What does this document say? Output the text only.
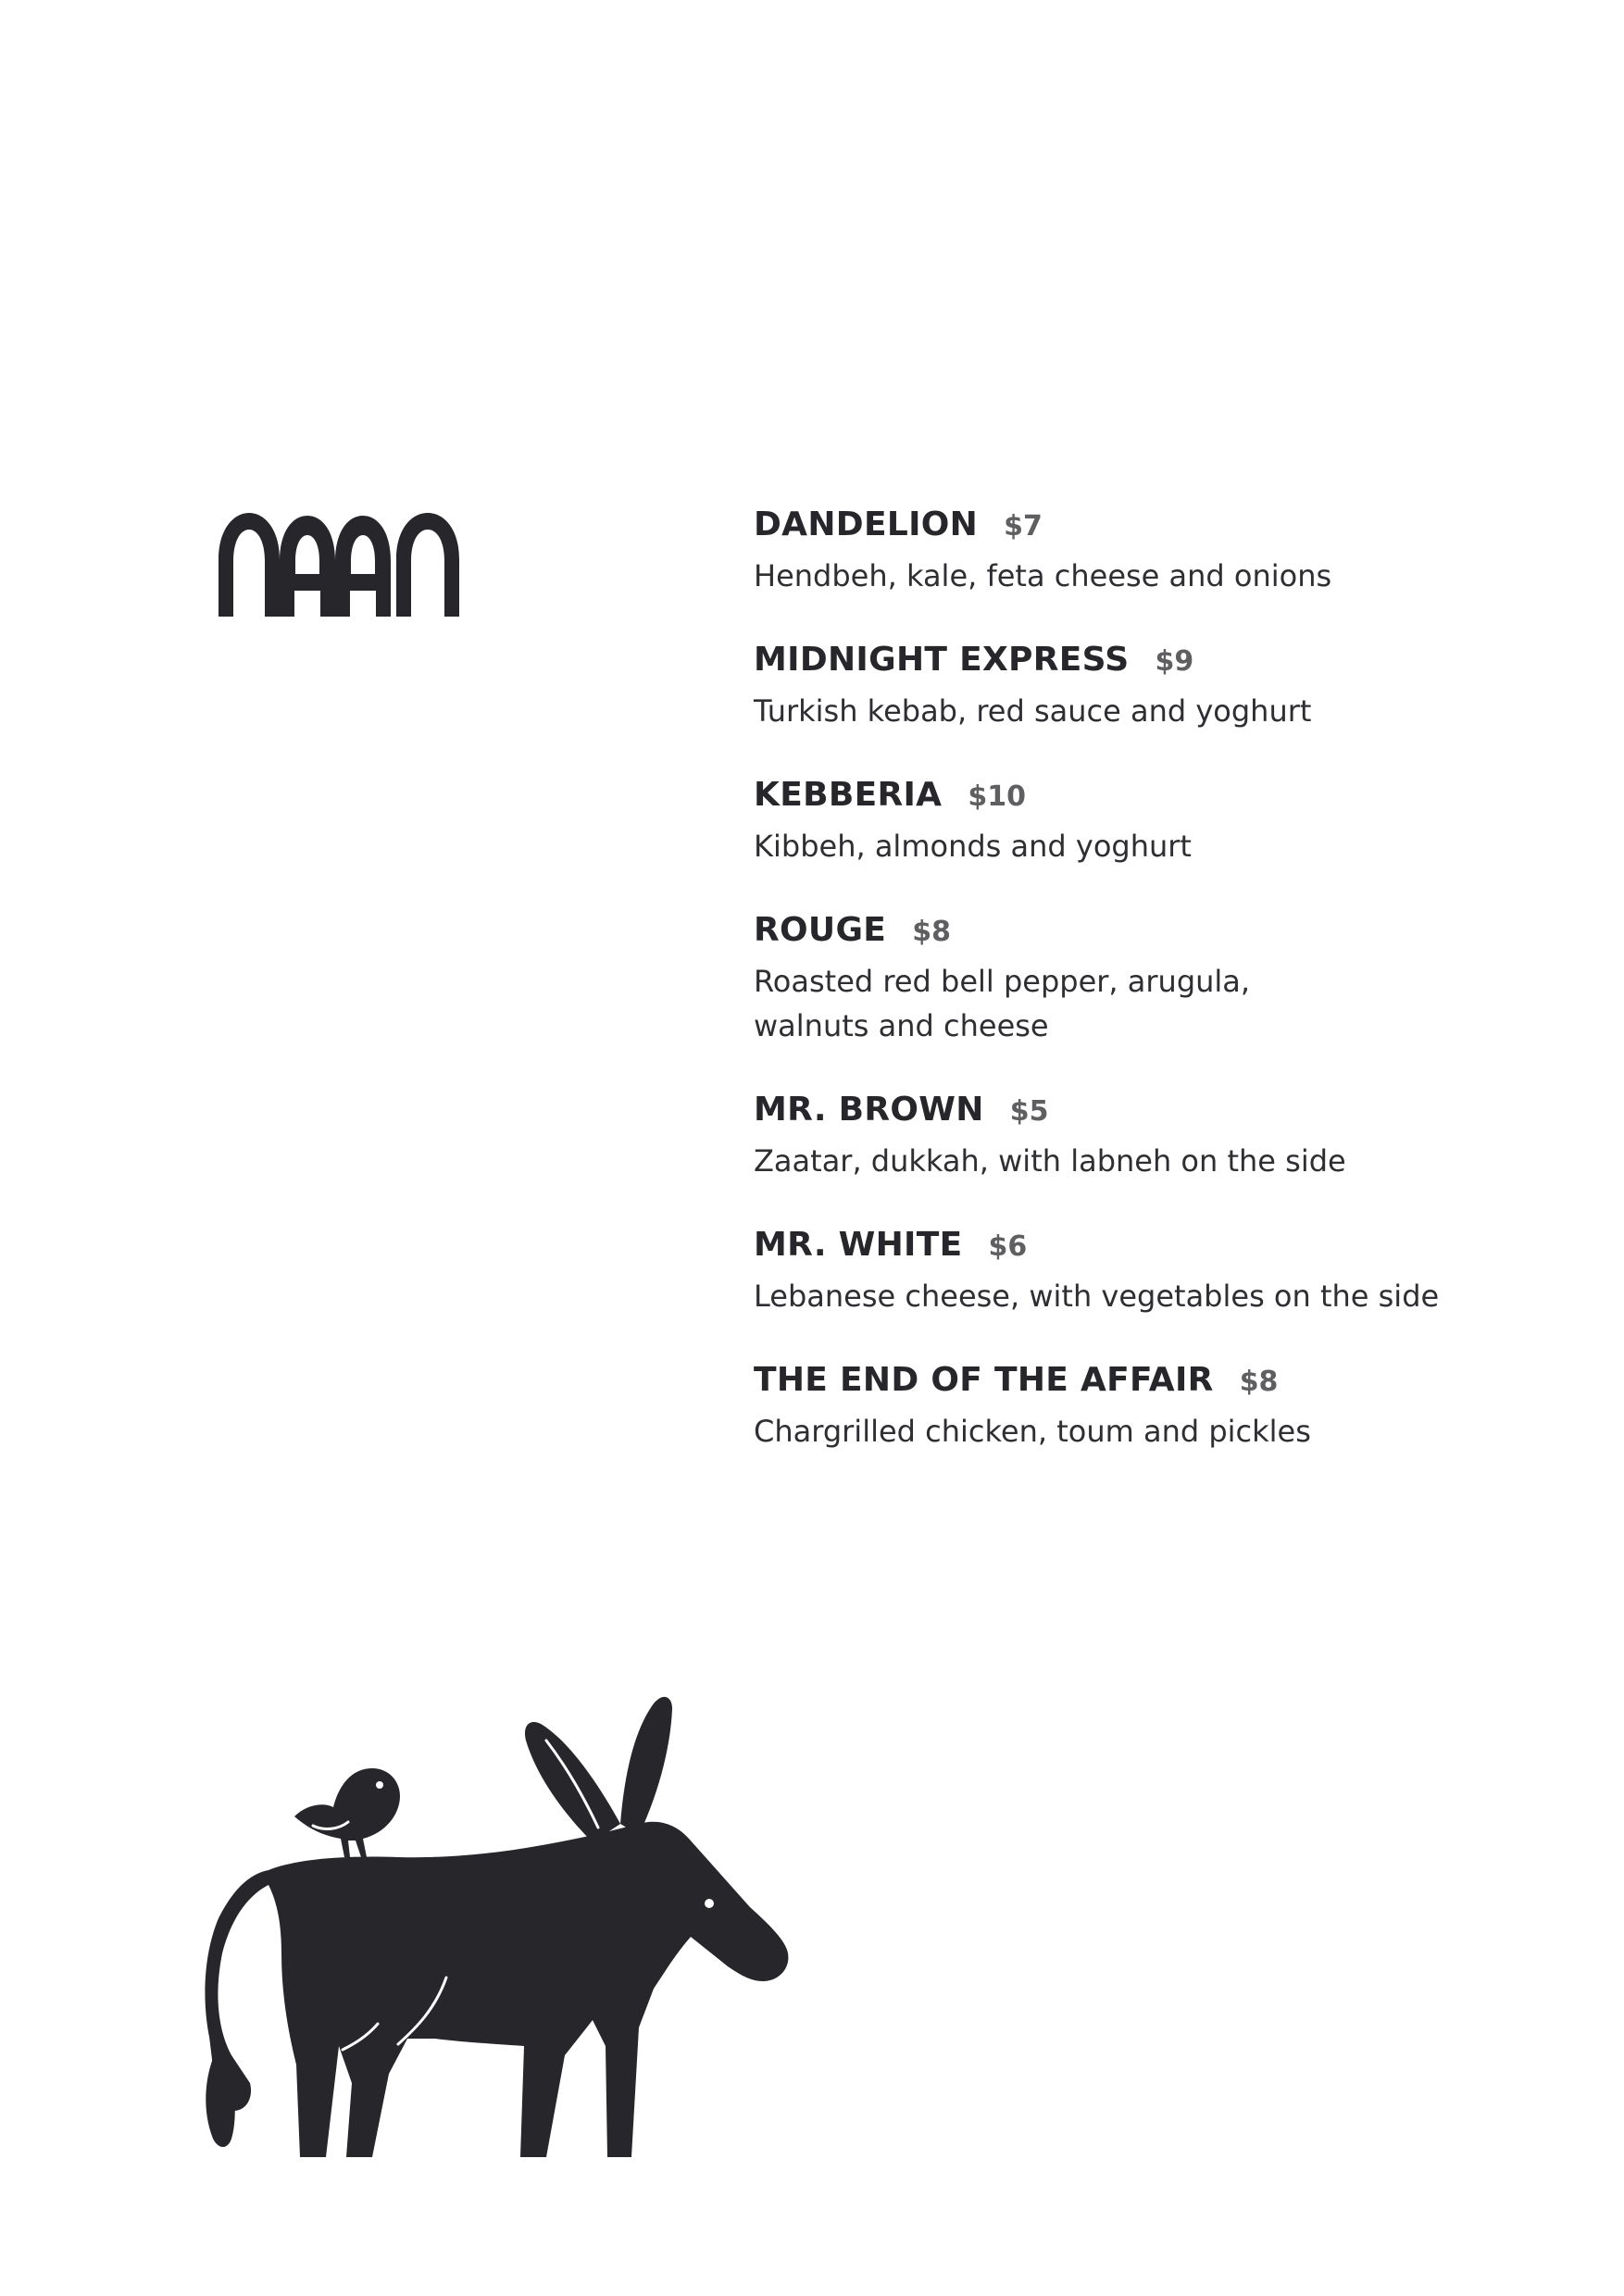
DANDELION $7
Hendbeh, kale, feta cheese and onions
MIDNIGHT EXPRESS $9
Turkish kebab, red sauce and yoghurt
KEBBERIA $10
Kibbeh, almonds and yoghurt
ROUGE $8
Roasted red bell pepper, arugula,
walnuts and cheese
MR. BROWN $5
Zaatar, dukkah, with labneh on the side
MR. WHITE $6
Lebanese cheese, with vegetables on the side
THE END OF THE AFFAIR $8
Chargrilled chicken, toum and pickles
